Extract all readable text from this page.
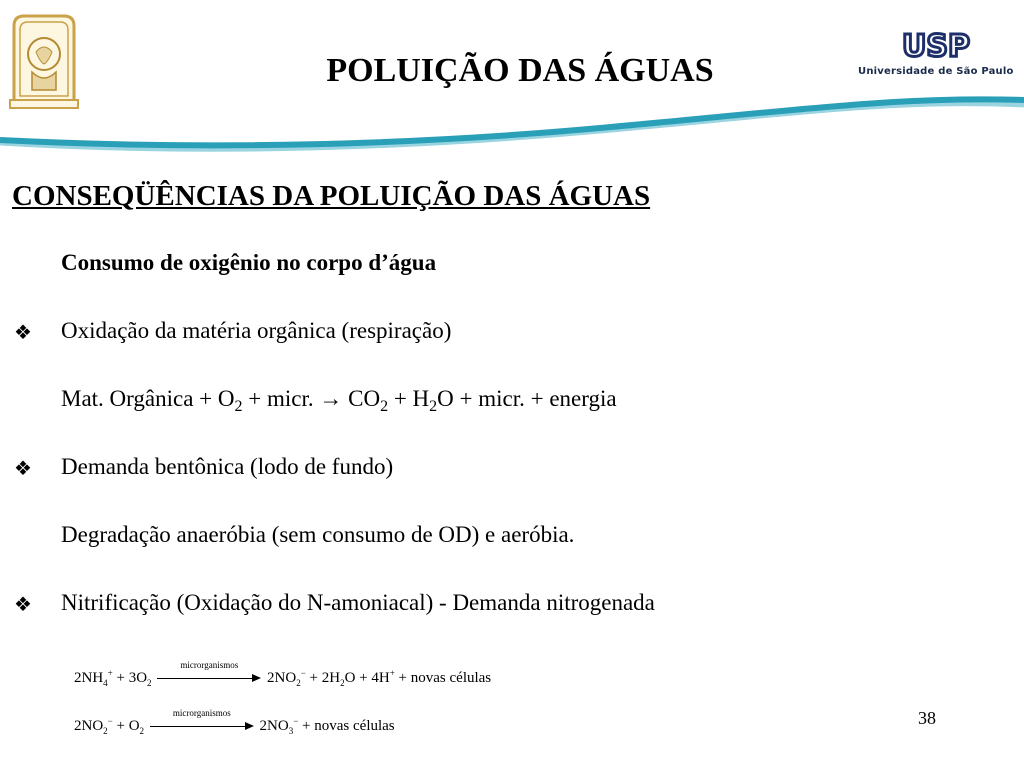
USP
Universidade de São Paulo
POLUIÇÃO DAS ÁGUAS
CONSEQÜÊNCIAS DA POLUIÇÃO DAS ÁGUAS
Consumo de oxigênio no corpo d’água
❖ Oxidação da matéria orgânica (respiração)
Mat. Orgânica + $O_2$ + micr. → $CO_2 + H_2O$ + micr. + energia
❖ Demanda bentônica (lodo de fundo)
Degradação anaeróbia (sem consumo de OD) e aeróbia.
❖ Nitrificação (Oxidação do N-amoniacal) - Demanda nitrogenada
$2NH_4^+ + 3O_2$
microrganismos
$2NO_2^- + 2H_2O + 4H^+$ + novas células
$2NO_2^- + O_2$
microrganismos
$2NO_3^-$ + novas células	38
